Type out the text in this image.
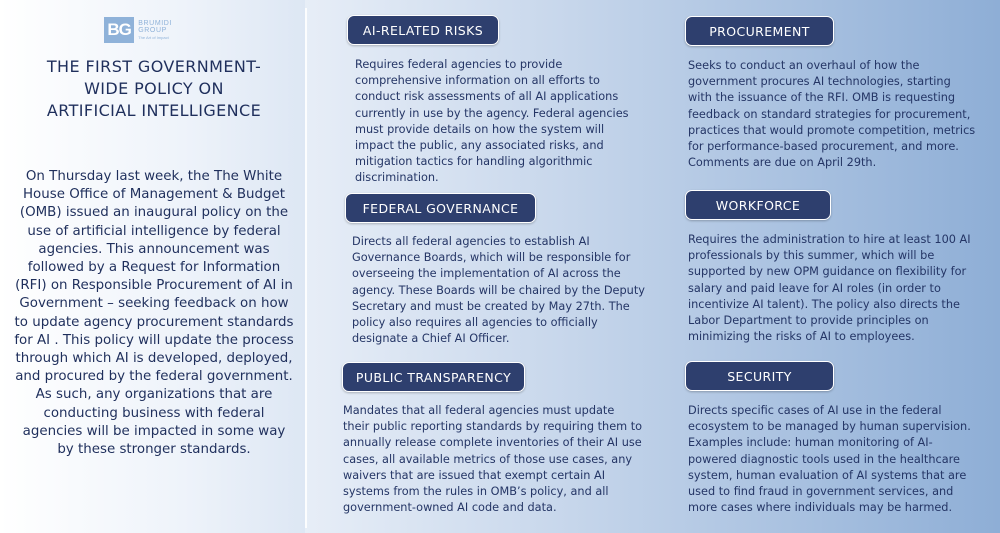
BG	BRUMIDI GROUP
The Art of Impact
THE FIRST GOVERNMENT-WIDE POLICY ON ARTIFICIAL INTELLIGENCE

On Thursday last week, the The White House Office of Management & Budget (OMB) issued an inaugural policy on the use of artificial intelligence by federal agencies. This announcement was followed by a Request for Information (RFI) on Responsible Procurement of AI in Government – seeking feedback on how to update agency procurement standards for AI . This policy will update the process through which AI is developed, deployed, and procured by the federal government. As such, any organizations that are conducting business with federal agencies will be impacted in some way by these stronger standards.

AI-RELATED RISKS

Requires federal agencies to provide comprehensive information on all efforts to conduct risk assessments of all AI applications currently in use by the agency. Federal agencies must provide details on how the system will impact the public, any associated risks, and mitigation tactics for handling algorithmic discrimination.

PROCUREMENT

Seeks to conduct an overhaul of how the government procures AI technologies, starting with the issuance of the RFI. OMB is requesting feedback on standard strategies for procurement, practices that would promote competition, metrics for performance-based procurement, and more. Comments are due on April 29th.

FEDERAL GOVERNANCE

Directs all federal agencies to establish AI Governance Boards, which will be responsible for overseeing the implementation of AI across the agency. These Boards will be chaired by the Deputy Secretary and must be created by May 27th. The policy also requires all agencies to officially designate a Chief AI Officer.

WORKFORCE

Requires the administration to hire at least 100 AI professionals by this summer, which will be supported by new OPM guidance on flexibility for salary and paid leave for AI roles (in order to incentivize AI talent). The policy also directs the Labor Department to provide principles on minimizing the risks of AI to employees.

PUBLIC TRANSPARENCY

Mandates that all federal agencies must update their public reporting standards by requiring them to annually release complete inventories of their AI use cases, all available metrics of those use cases, any waivers that are issued that exempt certain AI systems from the rules in OMB’s policy, and all government-owned AI code and data.

SECURITY

Directs specific cases of AI use in the federal ecosystem to be managed by human supervision. Examples include: human monitoring of AI-powered diagnostic tools used in the healthcare system, human evaluation of AI systems that are used to find fraud in government services, and more cases where individuals may be harmed.
